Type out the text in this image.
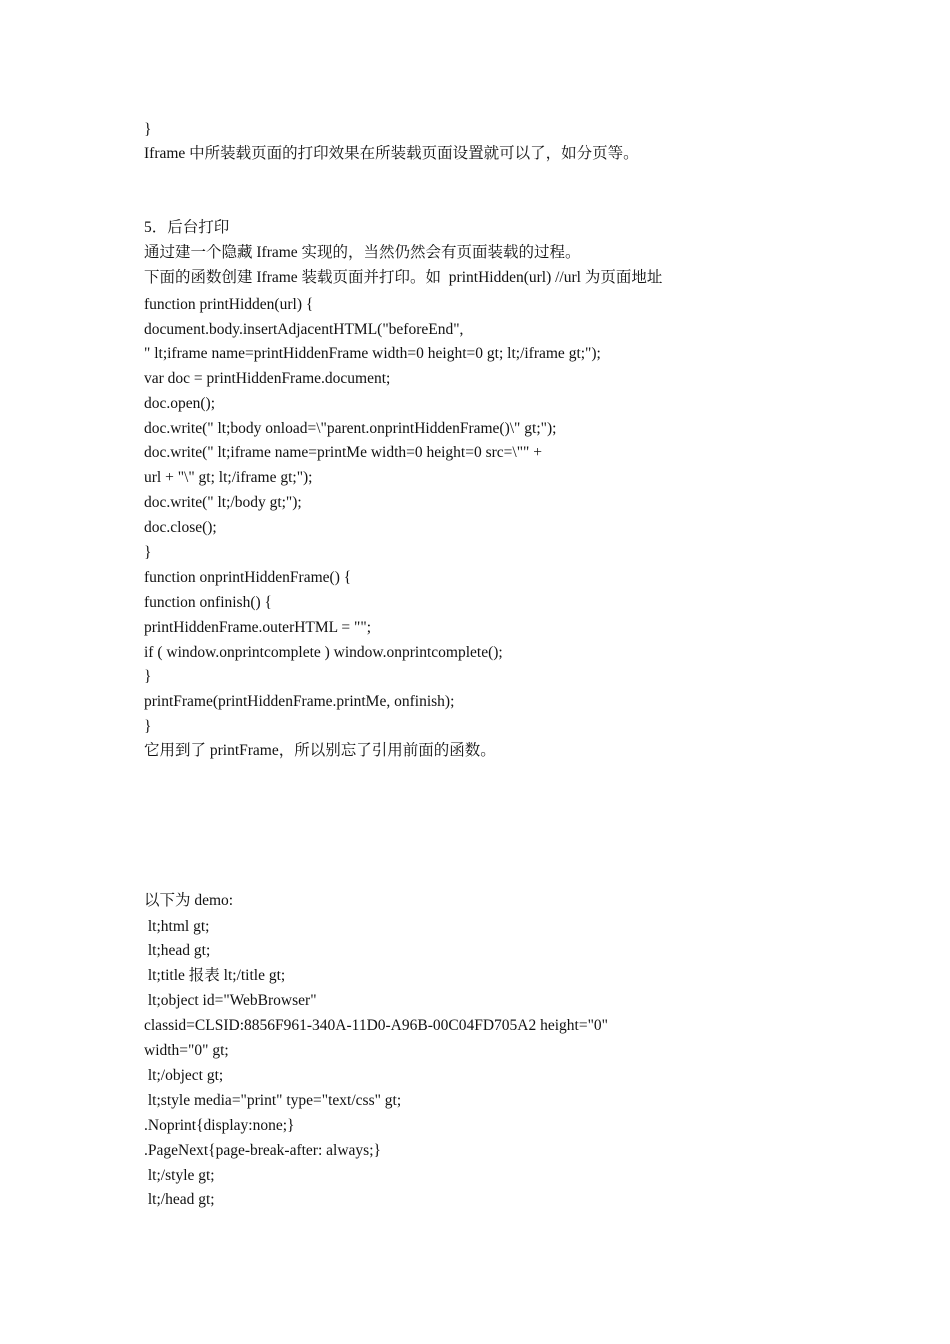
}

Iframe 中所装载页面的打印效果在所装载页面设置就可以了，如分页等。

5．后台打印

通过建一个隐藏 Iframe 实现的，当然仍然会有页面装载的过程。

下面的函数创建 Iframe 装载页面并打印。如  printHidden(url) //url 为页面地址

function printHidden(url) {

document.body.insertAdjacentHTML("beforeEnd",

" lt;iframe name=printHiddenFrame width=0 height=0 gt; lt;/iframe gt;");

var doc = printHiddenFrame.document;

doc.open();

doc.write(" lt;body onload=\"parent.onprintHiddenFrame()\" gt;");

doc.write(" lt;iframe name=printMe width=0 height=0 src=\"" +

url + "\" gt; lt;/iframe gt;");

doc.write(" lt;/body gt;");

doc.close();

}

function onprintHiddenFrame() {

function onfinish() {

printHiddenFrame.outerHTML = "";

if ( window.onprintcomplete ) window.onprintcomplete();

}

printFrame(printHiddenFrame.printMe, onfinish);

}

它用到了 printFrame，所以别忘了引用前面的函数。

以下为 demo:

lt;html gt;

lt;head gt;

lt;title 报表 lt;/title gt;

lt;object id="WebBrowser"

classid=CLSID:8856F961-340A-11D0-A96B-00C04FD705A2 height="0"

width="0" gt;

lt;/object gt;

lt;style media="print" type="text/css" gt;

.Noprint{display:none;}

.PageNext{page-break-after: always;}

lt;/style gt;

lt;/head gt;
